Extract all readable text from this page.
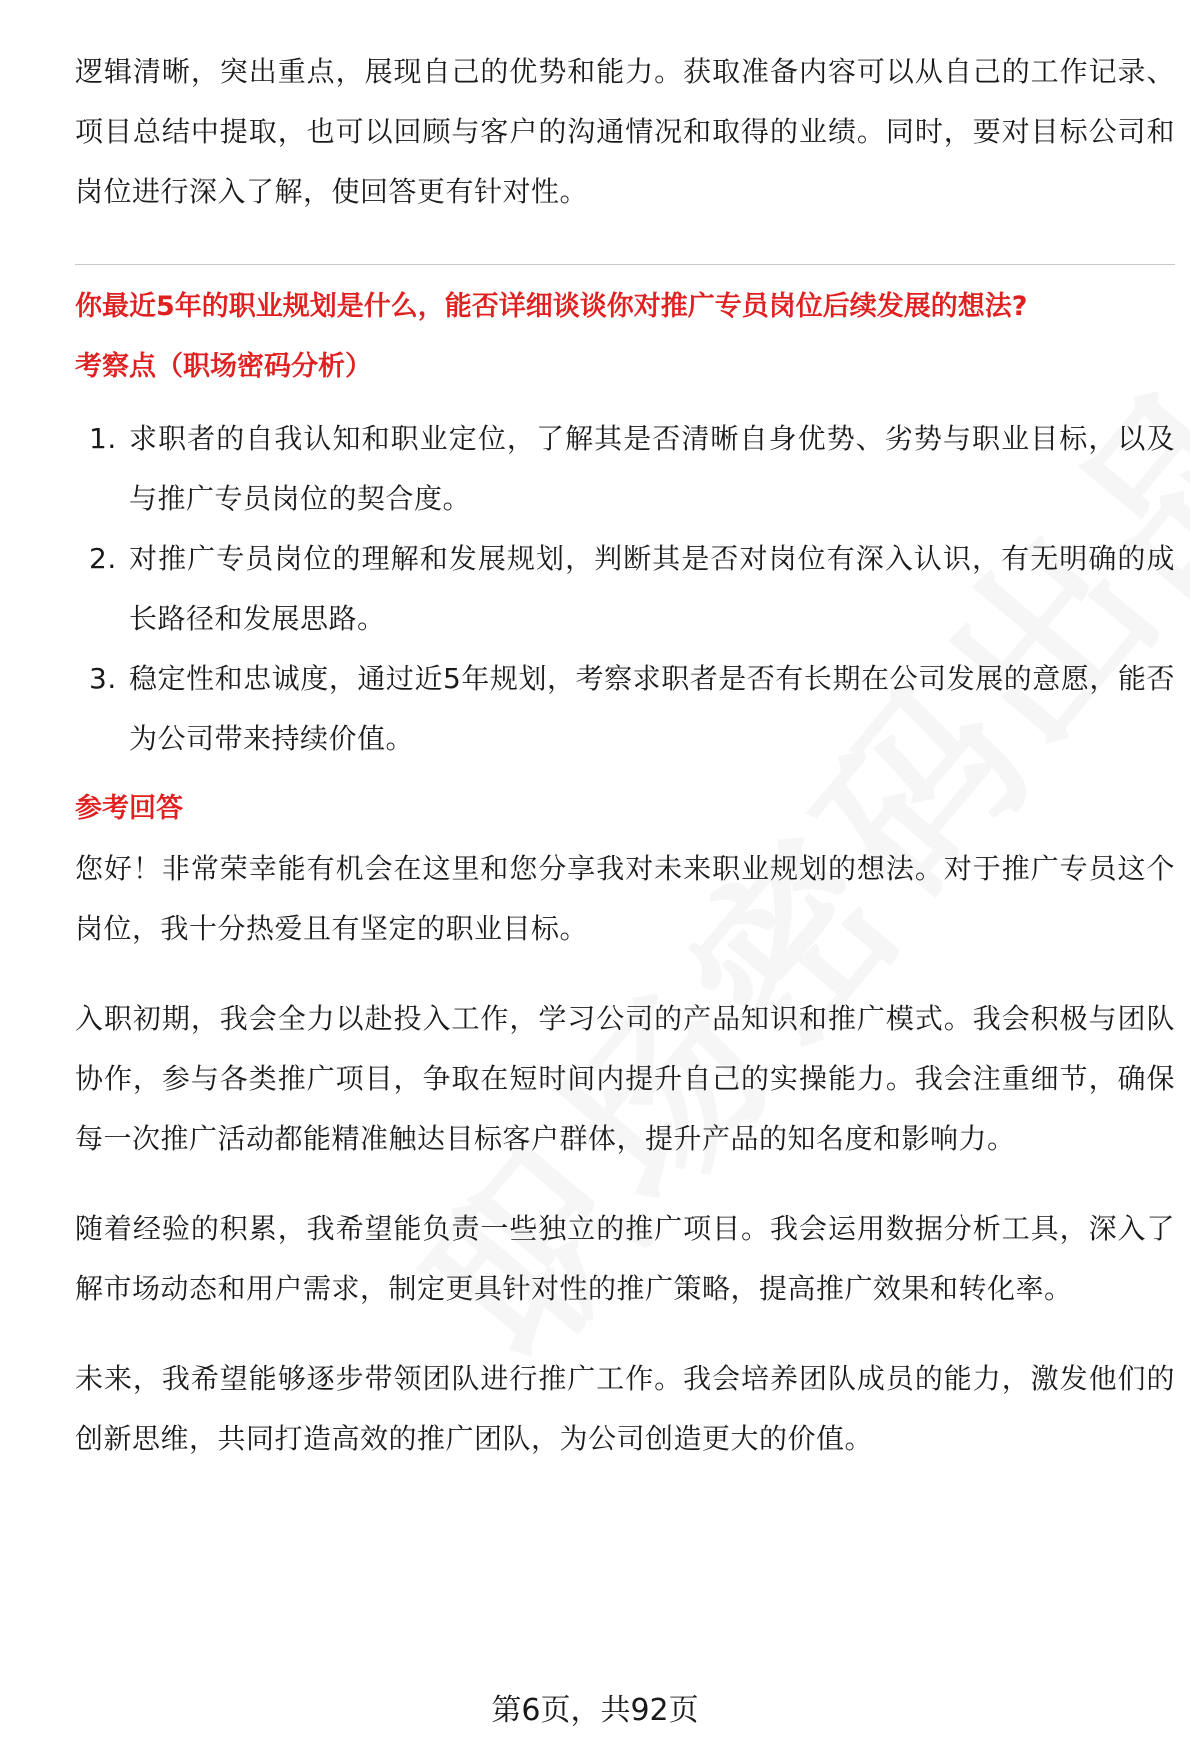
逻辑清晰，突出重点，展现自己的优势和能力。获取准备内容可以从自己的工作记录、项目总结中提取，也可以回顾与客户的沟通情况和取得的业绩。同时，要对目标公司和岗位进行深入了解，使回答更有针对性。

你最近5年的职业规划是什么，能否详细谈谈你对推广专员岗位后续发展的想法?

考察点（职场密码分析）

1. 求职者的自我认知和职业定位，了解其是否清晰自身优势、劣势与职业目标，以及与推广专员岗位的契合度。
2. 对推广专员岗位的理解和发展规划，判断其是否对岗位有深入认识，有无明确的成长路径和发展思路。
3. 稳定性和忠诚度，通过近5年规划，考察求职者是否有长期在公司发展的意愿，能否为公司带来持续价值。

参考回答

您好！非常荣幸能有机会在这里和您分享我对未来职业规划的想法。对于推广专员这个岗位，我十分热爱且有坚定的职业目标。

入职初期，我会全力以赴投入工作，学习公司的产品知识和推广模式。我会积极与团队协作，参与各类推广项目，争取在短时间内提升自己的实操能力。我会注重细节，确保每一次推广活动都能精准触达目标客户群体，提升产品的知名度和影响力。

随着经验的积累，我希望能负责一些独立的推广项目。我会运用数据分析工具，深入了解市场动态和用户需求，制定更具针对性的推广策略，提高推广效果和转化率。

未来，我希望能够逐步带领团队进行推广工作。我会培养团队成员的能力，激发他们的创新思维，共同打造高效的推广团队，为公司创造更大的价值。

第6页，共92页
